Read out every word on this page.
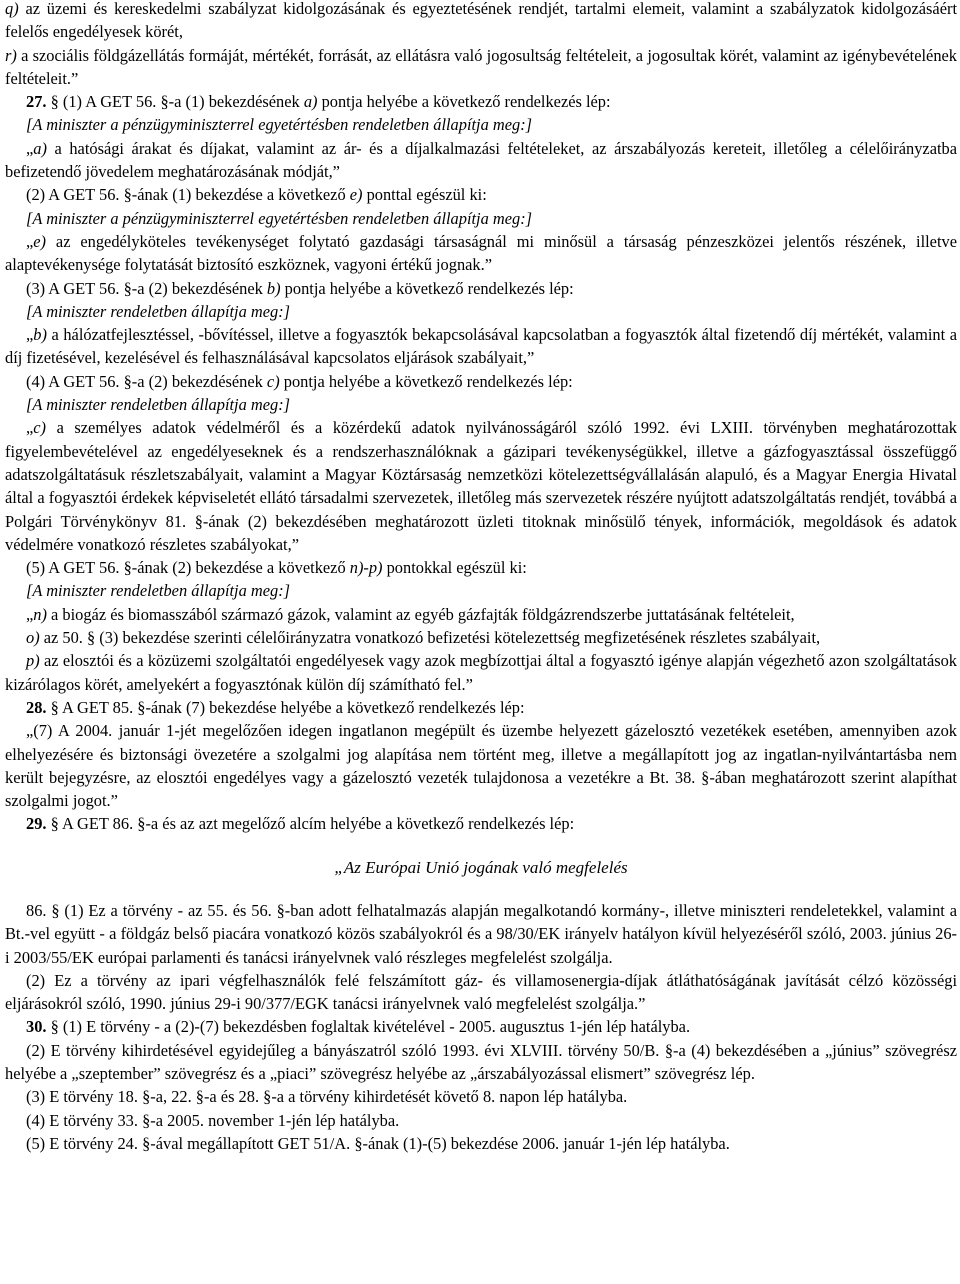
q) az üzemi és kereskedelmi szabályzat kidolgozásának és egyeztetésének rendjét, tartalmi elemeit, valamint a szabályzatok kidolgozásáért felelős engedélyesek körét,

r) a szociális földgázellátás formáját, mértékét, forrását, az ellátásra való jogosultság feltételeit, a jogosultak körét, valamint az igénybevételének feltételeit.”

27. § (1) A GET 56. §-a (1) bekezdésének a) pontja helyébe a következő rendelkezés lép:

[A miniszter a pénzügyminiszterrel egyetértésben rendeletben állapítja meg:]

„a) a hatósági árakat és díjakat, valamint az ár- és a díjalkalmazási feltételeket, az árszabályozás kereteit, illetőleg a célelőirányzatba befizetendő jövedelem meghatározásának módját,”

(2) A GET 56. §-ának (1) bekezdése a következő e) ponttal egészül ki:

[A miniszter a pénzügyminiszterrel egyetértésben rendeletben állapítja meg:]

„e) az engedélyköteles tevékenységet folytató gazdasági társaságnál mi minősül a társaság pénzeszközei jelentős részének, illetve alaptevékenysége folytatását biztosító eszköznek, vagyoni értékű jognak.”

(3) A GET 56. §-a (2) bekezdésének b) pontja helyébe a következő rendelkezés lép:

[A miniszter rendeletben állapítja meg:]

„b) a hálózatfejlesztéssel, -bővítéssel, illetve a fogyasztók bekapcsolásával kapcsolatban a fogyasztók által fizetendő díj mértékét, valamint a díj fizetésével, kezelésével és felhasználásával kapcsolatos eljárások szabályait,”

(4) A GET 56. §-a (2) bekezdésének c) pontja helyébe a következő rendelkezés lép:

[A miniszter rendeletben állapítja meg:]

„c) a személyes adatok védelméről és a közérdekű adatok nyilvánosságáról szóló 1992. évi LXIII. törvényben meghatározottak figyelembevételével az engedélyeseknek és a rendszerhasználóknak a gázipari tevékenységükkel, illetve a gázfogyasztással összefüggő adatszolgáltatásuk részletszabályait, valamint a Magyar Köztársaság nemzetközi kötelezettségvállalásán alapuló, és a Magyar Energia Hivatal által a fogyasztói érdekek képviseletét ellátó társadalmi szervezetek, illetőleg más szervezetek részére nyújtott adatszolgáltatás rendjét, továbbá a Polgári Törvénykönyv 81. §-ának (2) bekezdésében meghatározott üzleti titoknak minősülő tények, információk, megoldások és adatok védelmére vonatkozó részletes szabályokat,”

(5) A GET 56. §-ának (2) bekezdése a következő n)-p) pontokkal egészül ki:

[A miniszter rendeletben állapítja meg:]

„n) a biogáz és biomasszából származó gázok, valamint az egyéb gázfajták földgázrendszerbe juttatásának feltételeit,

o) az 50. § (3) bekezdése szerinti célelőirányzatra vonatkozó befizetési kötelezettség megfizetésének részletes szabályait,

p) az elosztói és a közüzemi szolgáltatói engedélyesek vagy azok megbízottjai által a fogyasztó igénye alapján végezhető azon szolgáltatások kizárólagos körét, amelyekért a fogyasztónak külön díj számítható fel.”

28. § A GET 85. §-ának (7) bekezdése helyébe a következő rendelkezés lép:

„(7) A 2004. január 1-jét megelőzően idegen ingatlanon megépült és üzembe helyezett gázelosztó vezetékek esetében, amennyiben azok elhelyezésére és biztonsági övezetére a szolgalmi jog alapítása nem történt meg, illetve a megállapított jog az ingatlan-nyilvántartásba nem került bejegyzésre, az elosztói engedélyes vagy a gázelosztó vezeték tulajdonosa a vezetékre a Bt. 38. §-ában meghatározott szerint alapíthat szolgalmi jogot.”

29. § A GET 86. §-a és az azt megelőző alcím helyébe a következő rendelkezés lép:

„Az Európai Unió jogának való megfelelés

86. § (1) Ez a törvény - az 55. és 56. §-ban adott felhatalmazás alapján megalkotandó kormány-, illetve miniszteri rendeletekkel, valamint a Bt.-vel együtt - a földgáz belső piacára vonatkozó közös szabályokról és a 98/30/EK irányelv hatályon kívül helyezéséről szóló, 2003. június 26-i 2003/55/EK európai parlamenti és tanácsi irányelvnek való részleges megfelelést szolgálja.

(2) Ez a törvény az ipari végfelhasználók felé felszámított gáz- és villamosenergia-díjak átláthatóságának javítását célzó közösségi eljárásokról szóló, 1990. június 29-i 90/377/EGK tanácsi irányelvnek való megfelelést szolgálja.”

30. § (1) E törvény - a (2)-(7) bekezdésben foglaltak kivételével - 2005. augusztus 1-jén lép hatályba.

(2) E törvény kihirdetésével egyidejűleg a bányászatról szóló 1993. évi XLVIII. törvény 50/B. §-a (4) bekezdésében a „június” szövegrész helyébe a „szeptember” szövegrész és a „piaci” szövegrész helyébe az „árszabályozással elismert” szövegrész lép.

(3) E törvény 18. §-a, 22. §-a és 28. §-a a törvény kihirdetését követő 8. napon lép hatályba.

(4) E törvény 33. §-a 2005. november 1-jén lép hatályba.

(5) E törvény 24. §-ával megállapított GET 51/A. §-ának (1)-(5) bekezdése 2006. január 1-jén lép hatályba.
